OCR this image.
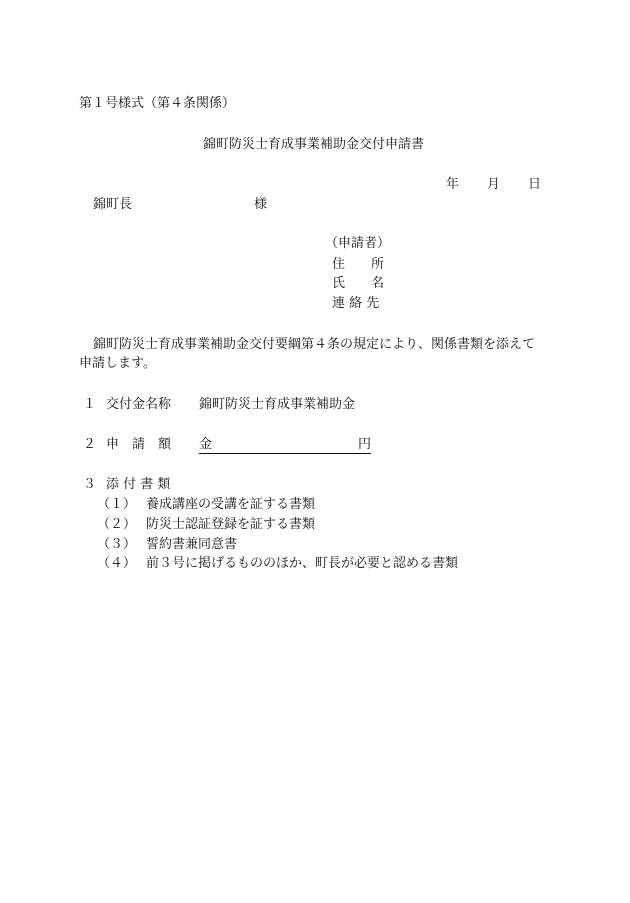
第１号様式（第４条関係）
錦町防災士育成事業補助金交付申請書
年 月 日
錦町長	様
（申請者）
住　　所
氏　　名
連 絡 先
錦町防災士育成事業補助金交付要綱第４条の規定により、関係書類を添えて
申請します。
１ 交付金名称 錦町防災士育成事業補助金
２ 申　請　額 金	円
３ 添 付 書 類
（１） 養成講座の受講を証する書類
（２） 防災士認証登録を証する書類
（３） 誓約書兼同意書
（４） 前３号に掲げるもののほか、町長が必要と認める書類
